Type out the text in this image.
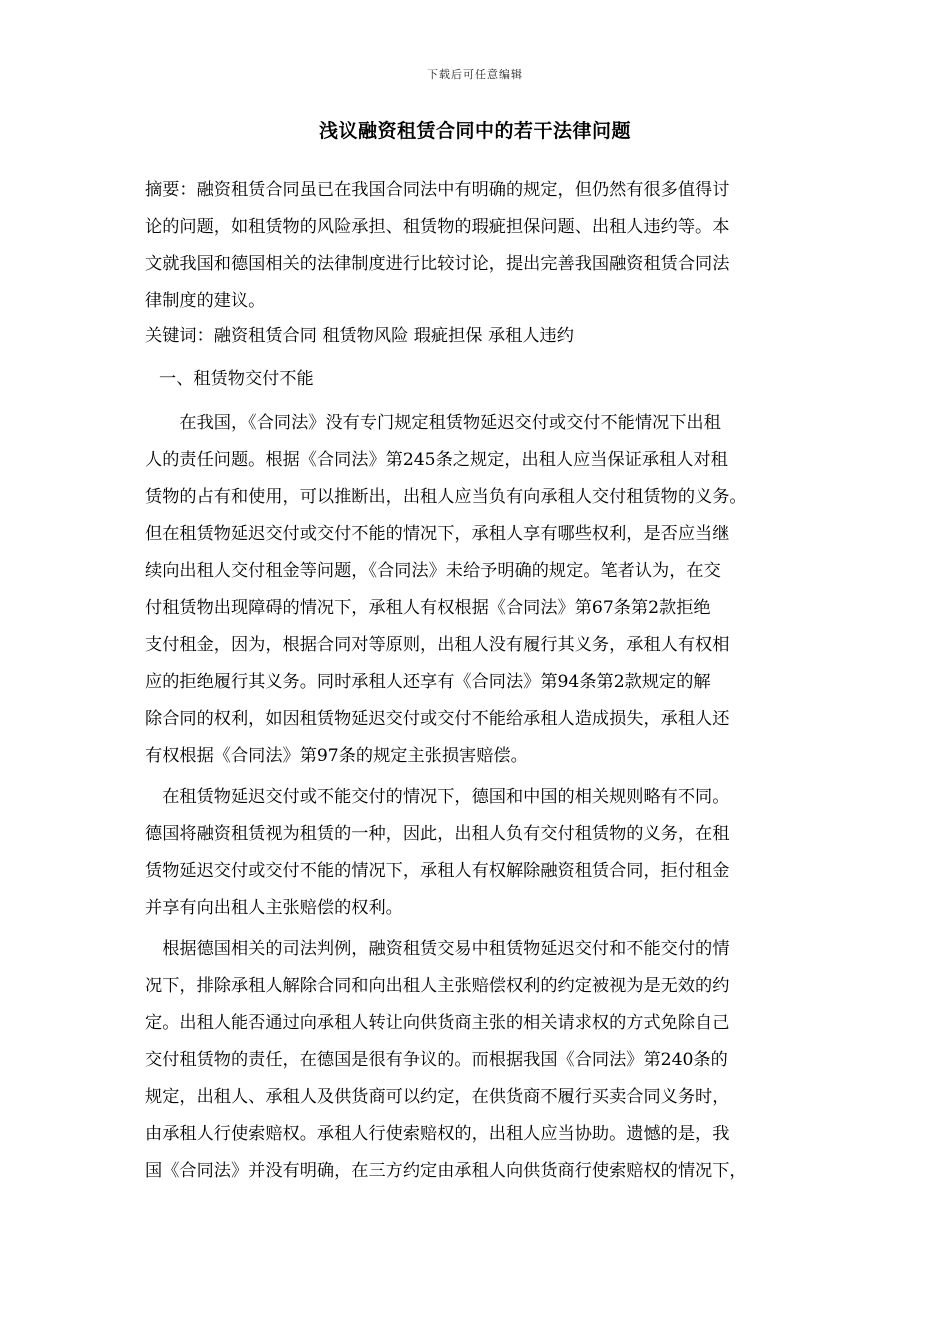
下载后可任意编辑
浅议融资租赁合同中的若干法律问题
摘要：融资租赁合同虽已在我国合同法中有明确的规定，但仍然有很多值得讨
论的问题，如租赁物的风险承担、租赁物的瑕疵担保问题、出租人违约等。本
文就我国和德国相关的法律制度进行比较讨论，提出完善我国融资租赁合同法
律制度的建议。
关键词：融资租赁合同 租赁物风险 瑕疵担保 承租人违约
一、租赁物交付不能
　　在我国，《合同法》没有专门规定租赁物延迟交付或交付不能情况下出租
人的责任问题。根据《合同法》第245条之规定，出租人应当保证承租人对租
赁物的占有和使用，可以推断出，出租人应当负有向承租人交付租赁物的义务。
但在租赁物延迟交付或交付不能的情况下，承租人享有哪些权利，是否应当继
续向出租人交付租金等问题，《合同法》未给予明确的规定。笔者认为，在交
付租赁物出现障碍的情况下，承租人有权根据《合同法》第67条第2款拒绝
支付租金，因为，根据合同对等原则，出租人没有履行其义务，承租人有权相
应的拒绝履行其义务。同时承租人还享有《合同法》第94条第2款规定的解
除合同的权利，如因租赁物延迟交付或交付不能给承租人造成损失，承租人还
有权根据《合同法》第97条的规定主张损害赔偿。
　在租赁物延迟交付或不能交付的情况下，德国和中国的相关规则略有不同。
德国将融资租赁视为租赁的一种，因此，出租人负有交付租赁物的义务，在租
赁物延迟交付或交付不能的情况下，承租人有权解除融资租赁合同，拒付租金
并享有向出租人主张赔偿的权利。
　根据德国相关的司法判例，融资租赁交易中租赁物延迟交付和不能交付的情
况下，排除承租人解除合同和向出租人主张赔偿权利的约定被视为是无效的约
定。出租人能否通过向承租人转让向供货商主张的相关请求权的方式免除自己
交付租赁物的责任，在德国是很有争议的。而根据我国《合同法》第240条的
规定，出租人、承租人及供货商可以约定，在供货商不履行买卖合同义务时，
由承租人行使索赔权。承租人行使索赔权的，出租人应当协助。遗憾的是，我
国《合同法》并没有明确，在三方约定由承租人向供货商行使索赔权的情况下，
